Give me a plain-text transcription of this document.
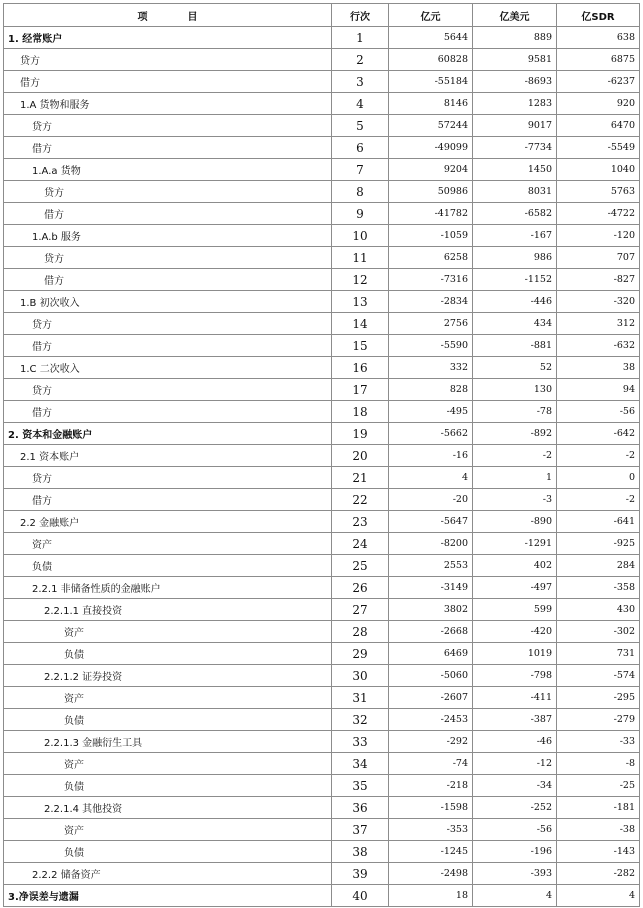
项 目	行次	亿元	亿美元	亿SDR
1. 经常账户	1	5644	889	638
贷方	2	60828	9581	6875
借方	3	-55184	-8693	-6237
1.A 货物和服务	4	8146	1283	920
贷方	5	57244	9017	6470
借方	6	-49099	-7734	-5549
1.A.a 货物	7	9204	1450	1040
贷方	8	50986	8031	5763
借方	9	-41782	-6582	-4722
1.A.b 服务	10	-1059	-167	-120
贷方	11	6258	986	707
借方	12	-7316	-1152	-827
1.B 初次收入	13	-2834	-446	-320
贷方	14	2756	434	312
借方	15	-5590	-881	-632
1.C 二次收入	16	332	52	38
贷方	17	828	130	94
借方	18	-495	-78	-56
2. 资本和金融账户	19	-5662	-892	-642
2.1 资本账户	20	-16	-2	-2
贷方	21	4	1	0
借方	22	-20	-3	-2
2.2 金融账户	23	-5647	-890	-641
资产	24	-8200	-1291	-925
负债	25	2553	402	284
2.2.1 非储备性质的金融账户	26	-3149	-497	-358
2.2.1.1 直接投资	27	3802	599	430
资产	28	-2668	-420	-302
负债	29	6469	1019	731
2.2.1.2 证券投资	30	-5060	-798	-574
资产	31	-2607	-411	-295
负债	32	-2453	-387	-279
2.2.1.3 金融衍生工具	33	-292	-46	-33
资产	34	-74	-12	-8
负债	35	-218	-34	-25
2.2.1.4 其他投资	36	-1598	-252	-181
资产	37	-353	-56	-38
负债	38	-1245	-196	-143
2.2.2 储备资产	39	-2498	-393	-282
3.净误差与遗漏	40	18	4	4
